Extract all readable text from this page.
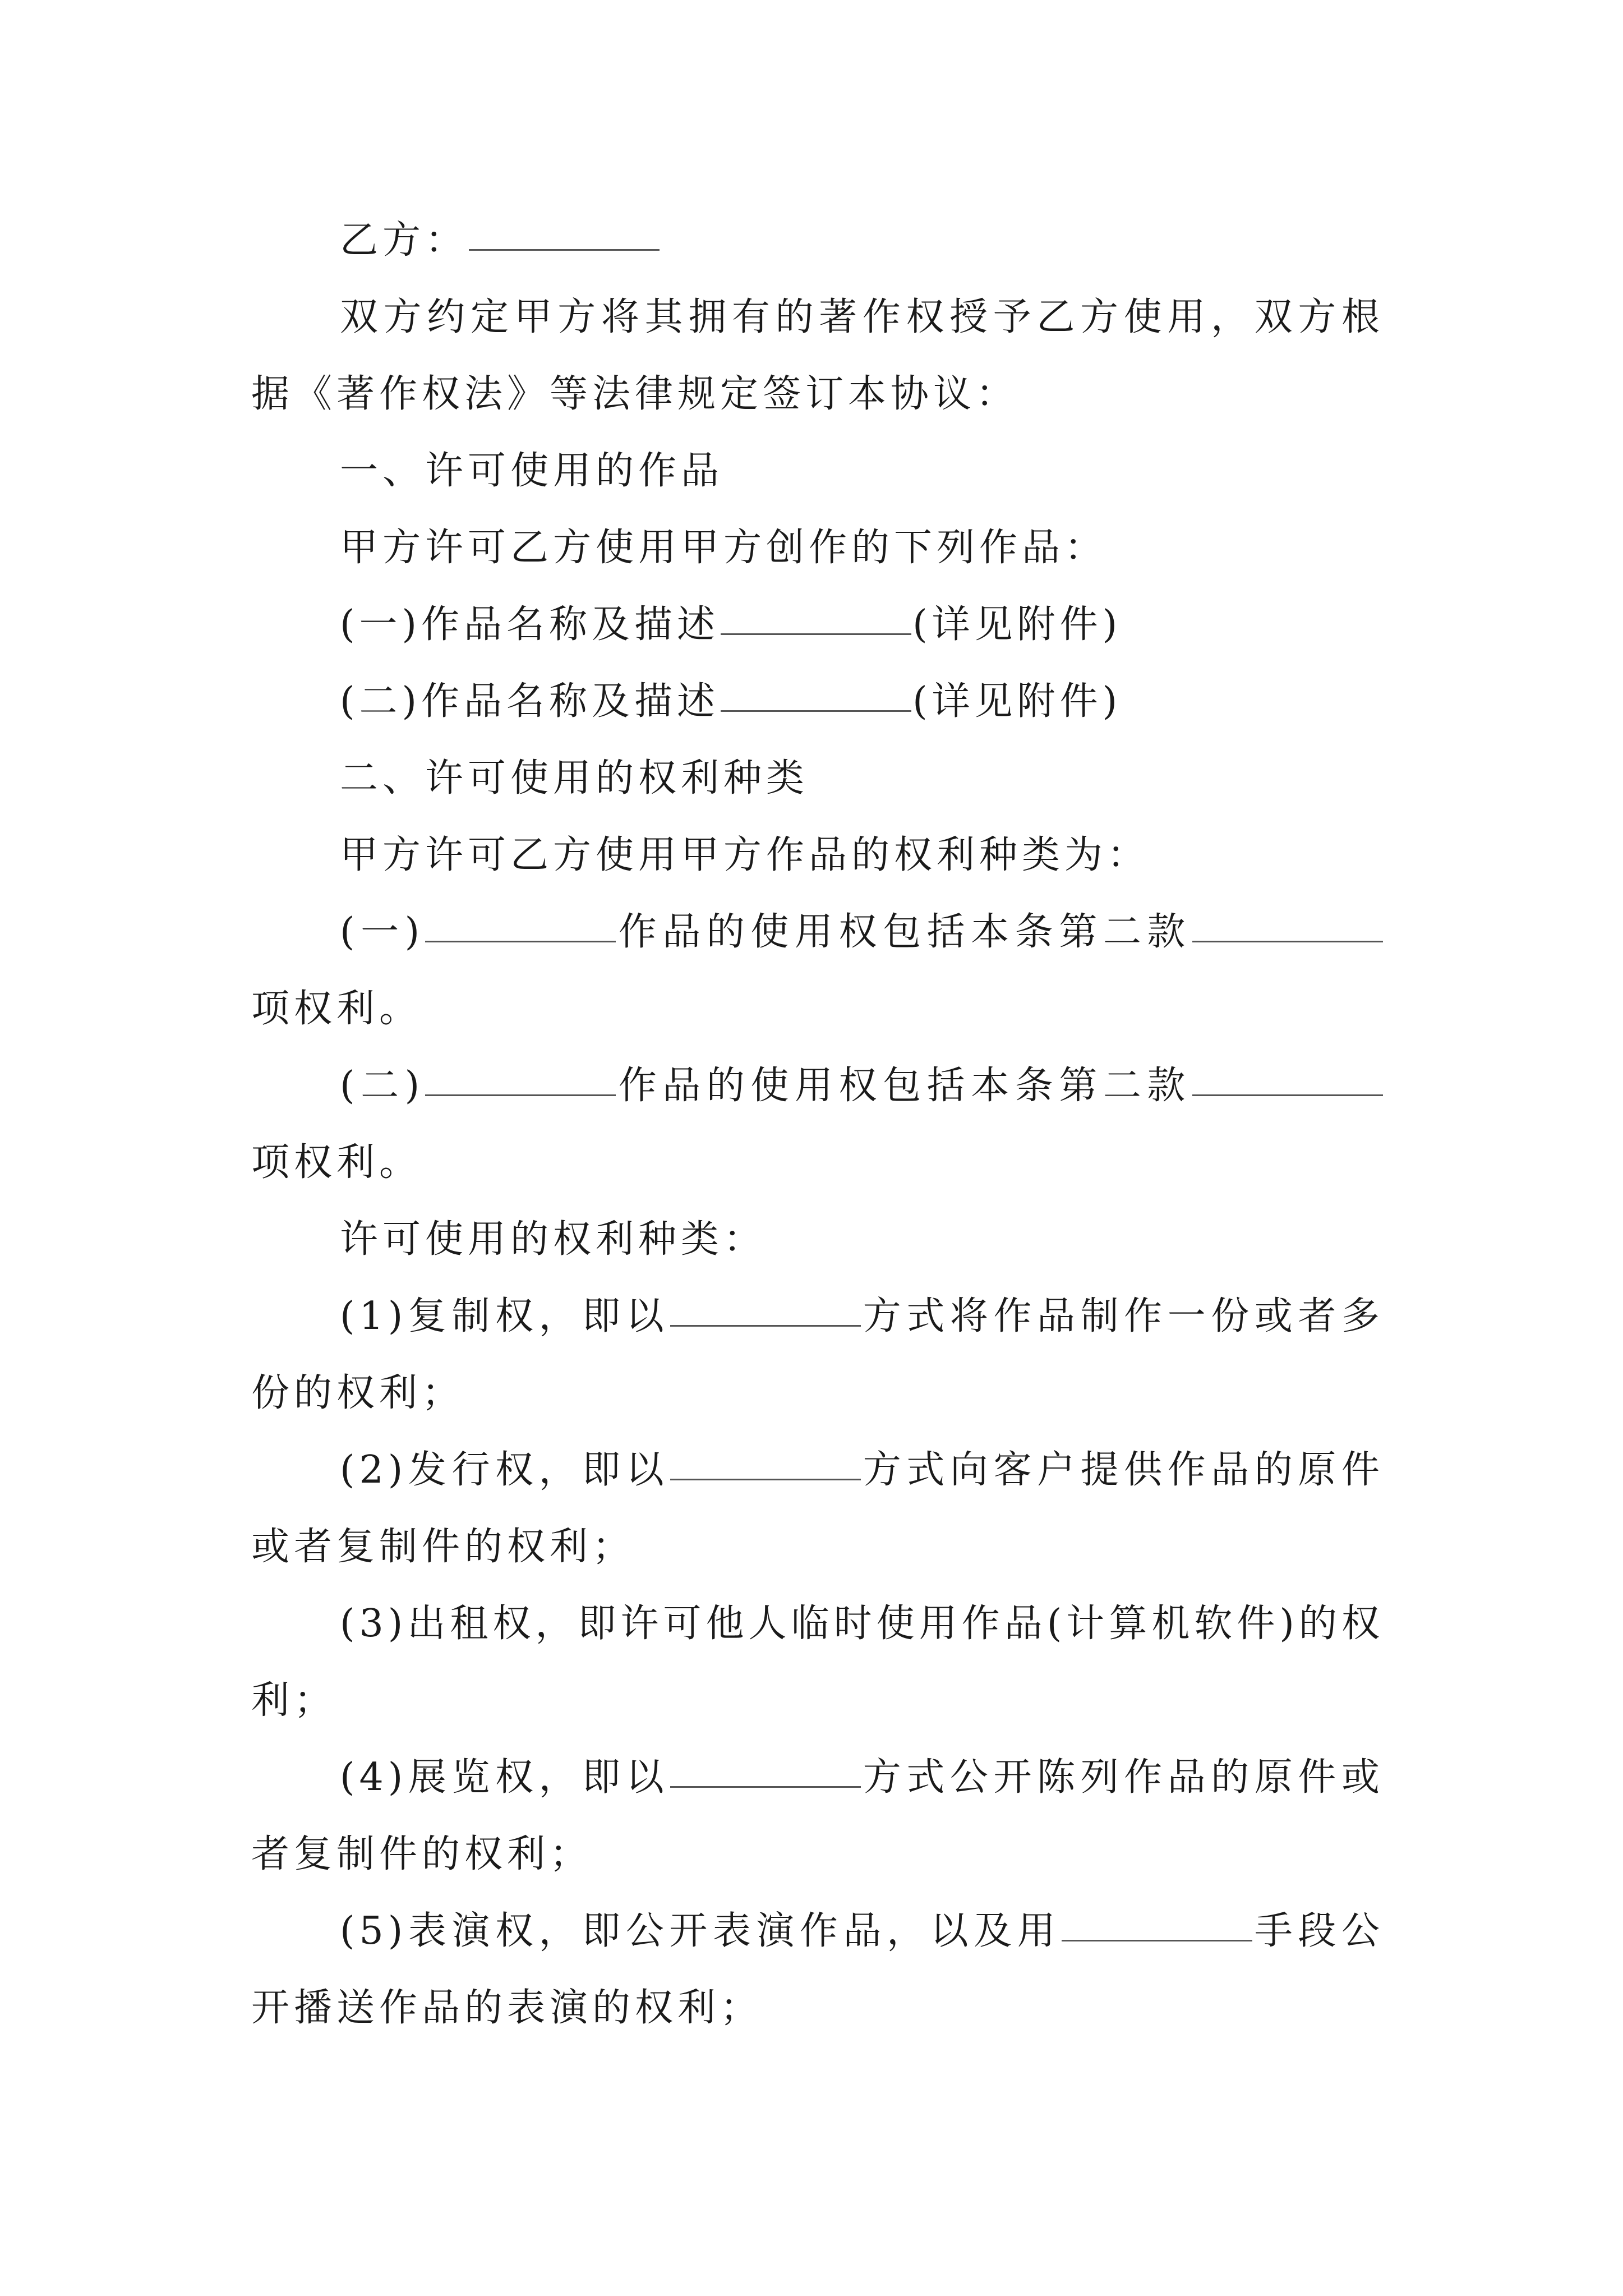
乙方：

双方约定甲方将其拥有的著作权授予乙方使用，双方根据《著作权法》等法律规定签订本协议：

一、许可使用的作品

甲方许可乙方使用甲方创作的下列作品：

(一)作品名称及描述	(详见附件)

(二)作品名称及描述	(详见附件)

二、许可使用的权利种类

甲方许可乙方使用甲方作品的权利种类为：

(一)	作品的使用权包括本条第二款项权利。

(二)	作品的使用权包括本条第二款项权利。

许可使用的权利种类：

(1)复制权，即以	方式将作品制作一份或者多份的权利；

(2)发行权，即以	方式向客户提供作品的原件或者复制件的权利；

(3)出租权，即许可他人临时使用作品(计算机软件)的权利；

(4)展览权，即以	方式公开陈列作品的原件或者复制件的权利；

(5)表演权，即公开表演作品，以及用	手段公开播送作品的表演的权利；
